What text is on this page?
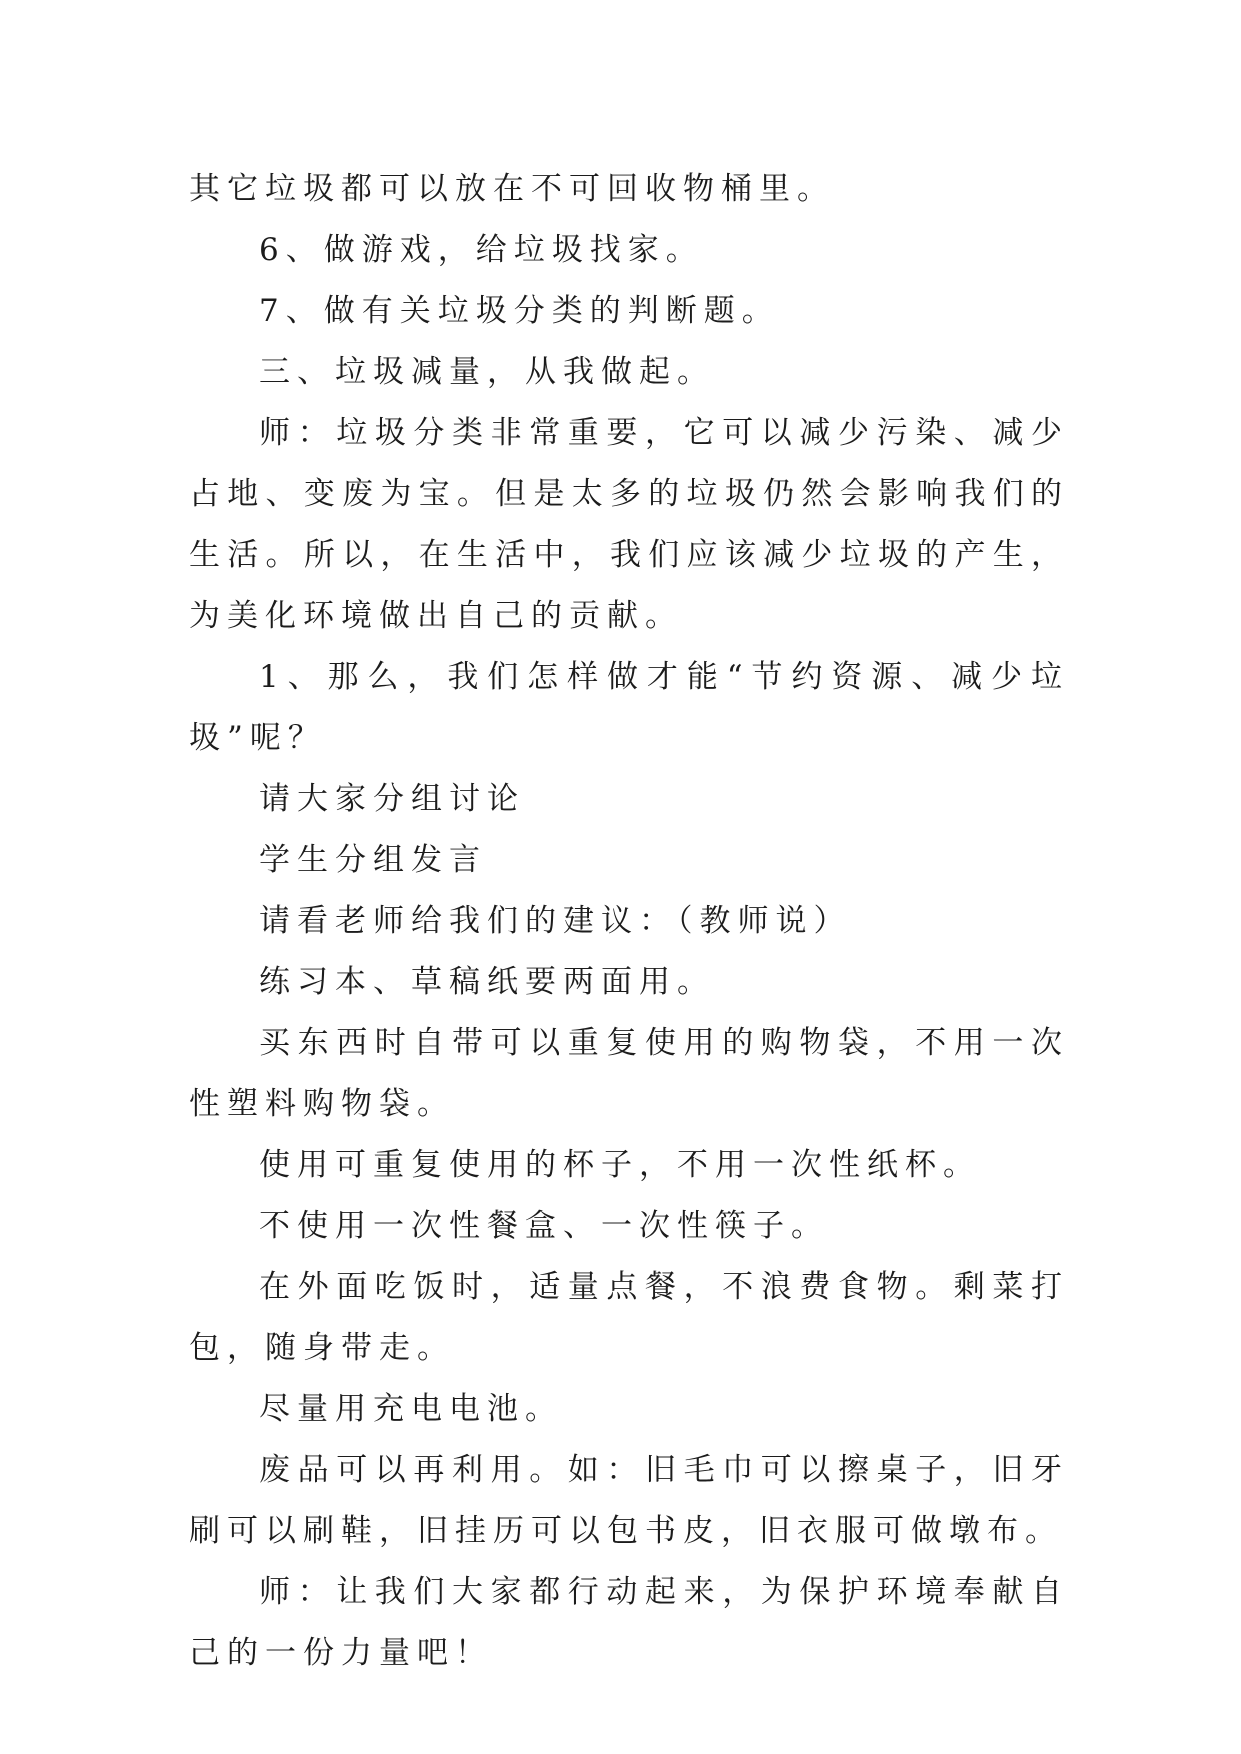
其它垃圾都可以放在不可回收物桶里。

6、做游戏，给垃圾找家。

7、做有关垃圾分类的判断题。

三、垃圾减量，从我做起。

师：垃圾分类非常重要，它可以减少污染、减少占地、变废为宝。但是太多的垃圾仍然会影响我们的生活。所以，在生活中，我们应该减少垃圾的产生，为美化环境做出自己的贡献。

1、那么，我们怎样做才能“节约资源、减少垃圾”呢？

请大家分组讨论

学生分组发言

请看老师给我们的建议：（教师说）

练习本、草稿纸要两面用。

买东西时自带可以重复使用的购物袋，不用一次性塑料购物袋。

使用可重复使用的杯子，不用一次性纸杯。

不使用一次性餐盒、一次性筷子。

在外面吃饭时，适量点餐，不浪费食物。剩菜打包，随身带走。

尽量用充电电池。

废品可以再利用。如：旧毛巾可以擦桌子，旧牙刷可以刷鞋，旧挂历可以包书皮，旧衣服可做墩布。

师：让我们大家都行动起来，为保护环境奉献自己的一份力量吧！
